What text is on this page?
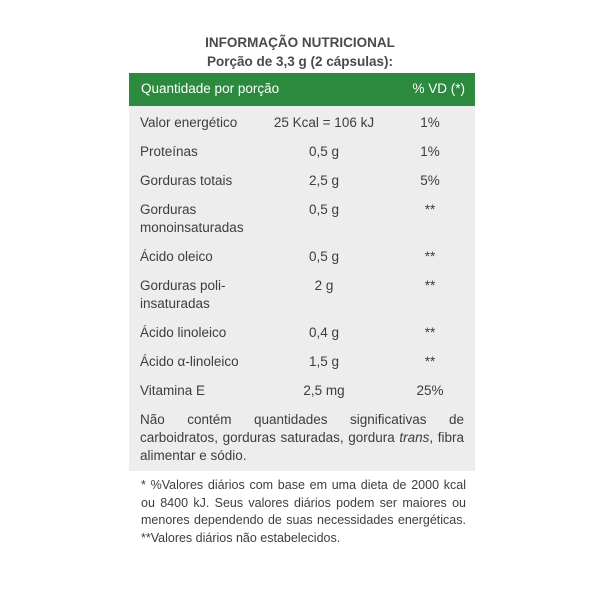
INFORMAÇÃO NUTRICIONAL
Porção de 3,3 g (2 cápsulas):
Quantidade por porção	% VD (*)
Valor energético	25 Kcal = 106 kJ	1%
Proteínas	0,5 g	1%
Gorduras totais	2,5 g	5%
Gorduras
monoinsaturadas
0,5 g	**
Ácido oleico	0,5 g	**
Gorduras poli-
insaturadas
2 g	**
Ácido linoleico	0,4 g	**
Ácido α-linoleico	1,5 g	**
Vitamina E	2,5 mg	25%
Não contém quantidades significativas de carboidratos, gorduras saturadas, gordura trans, fibra alimentar e sódio.
* %Valores diários com base em uma dieta de 2000 kcal ou 8400 kJ. Seus valores diários podem ser maiores ou menores dependendo de suas necessidades energéticas. **Valores diários não estabelecidos.
